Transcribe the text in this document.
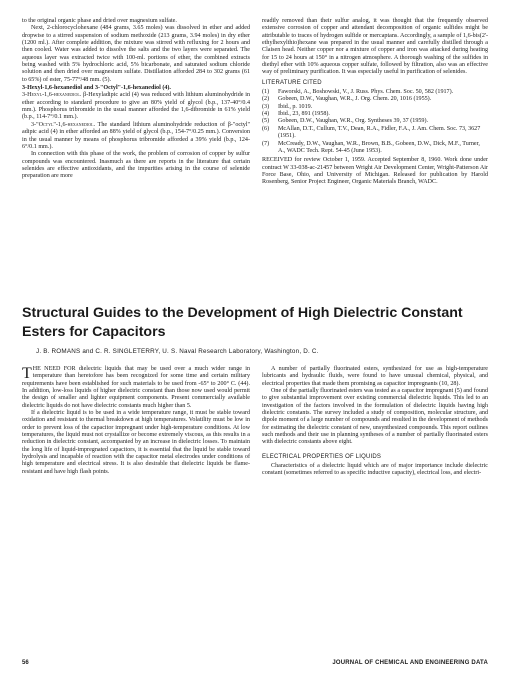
to the original organic phase and dried over magnesium sulfate.

Next, 2-chlorocyclohexane (484 grams, 3.65 moles) was dissolved in ether and added dropwise to a stirred suspension of sodium methoxide (213 grams, 3.94 moles) in dry ether (1200 ml.). After complete addition, the mixture was stirred with refluxing for 2 hours and then cooled. Water was added to dissolve the salts and the two layers were separated. The aqueous layer was extracted twice with 100-ml. portions of ether, the combined extracts being washed with 5% hydrochloric acid, 5% bicarbonate, and saturated sodium chloride solution and then dried over magnesium sulfate. Distillation afforded 284 to 302 grams (61 to 65%) of ester, 75-77°/48 mm. (5).

3-Hexyl-1,6-hexanediol and 3-"Octyl"-1,6-hexanediol (4).

3-Hexyl-1,6-hexanediol. β-Hexyladipic acid (4) was reduced with lithium aluminohydride in ether according to standard procedure to give an 80% yield of glycol (b.p., 137-40°/0.4 mm.). Phosphorus tribromide in the usual manner afforded the 1,6-dibromide in 61% yield (b.p., 114-7°/0.1 mm.).

3-"Octyl"-1,6-hexanediol. The standard lithium aluminohydride reduction of β-"octyl" adipic acid (4) in ether afforded an 88% yield of glycol (b.p., 154-7°/0.25 mm.). Conversion in the usual manner by means of phosphorus tribromide afforded a 39% yield (b.p., 124-6°/0.1 mm.).

In connection with this phase of the work, the problem of corrosion of copper by sulfur compounds was encountered. Inasmuch as there are reports in the literature that certain selenides are effective antioxidants, and the impurities arising in the course of selenide preparation are more

readily removed than their sulfur analog, it was thought that the frequently observed extensive corrosion of copper and attendant decomposition of organic sulfides might be attributable to traces of hydrogen sulfide or mercaptans. Accordingly, a sample of 1,6-bis(2'-ethylhexylthio)hexane was prepared in the usual manner and carefully distilled through a Claisen head. Neither copper nor a mixture of copper and iron was attacked during heating for 15 to 24 hours at 150° in a nitrogen atmosphere. A thorough washing of the sulfides in diethyl ether with 10% aqueous copper sulfate, followed by filtration, also was an effective way of preliminary purification. It was especially useful in purification of selenides.

LITERATURE CITED

(1) Faworski, A., Boshowski, V., J. Russ. Phys. Chem. Soc. 50, 582 (1917).
(2) Gobeen, D.W., Vaughan, W.R., J. Org. Chem. 20, 1016 (1955).
(3) Ibid., p. 1019.
(4) Ibid., 23, 891 (1958).
(5) Gobeen, D.W., Vaughan, W.R., Org. Syntheses 39, 37 (1959).
(6) McAllan, D.T., Cullum, T.V., Dean, R.A., Fidler, F.A., J. Am. Chem. Soc. 73, 3627 (1951).
(7) McCready, D.W., Vaughan, W.R., Brown, B.B., Gobeen, D.W., Dick, M.F., Turner, A., WADC Tech. Rept. 54-45 (June 1953).

RECEIVED for review October 1, 1959. Accepted September 8, 1960. Work done under contract W 33-038-ac-21457 between Wright Air Development Center, Wright-Patterson Air Force Base, Ohio, and University of Michigan. Released for publication by Harold Rosenberg, Senior Project Engineer, Organic Materials Branch, WADC.

Structural Guides to the Development of High Dielectric Constant Esters for Capacitors

J. B. ROMANS and C. R. SINGLETERRY, U. S. Naval Research Laboratory, Washington, D. C.

THE NEED FOR dielectric liquids that may be used over a much wider range in temperature than heretofore has been recognized for some time and certain military requirements have been established for such materials to be used from -65° to 200° C. (44). In addition, low-loss liquids of higher dielectric constant than those now used would permit the design of smaller and lighter equipment components. Present commercially available dielectric liquids do not have dielectric constants much higher than 5.

If a dielectric liquid is to be used in a wide temperature range, it must be stable toward oxidation and resistant to thermal breakdown at high temperatures. Volatility must be low in order to prevent loss of the capacitor impregnant under high-temperature conditions. At low temperatures, the liquid must not crystallize or become extremely viscous, as this results in a reduction in dielectric constant, accompanied by an increase in dielectric losses. To maintain the long life of liquid-impregnated capacitors, it is essential that the liquid be stable toward hydrolysis and incapable of reaction with the capacitor metal electrodes under conditions of high temperature and electrical stress. It is also desirable that dielectric liquids be flame-resistant and have high flash points.

A number of partially fluorinated esters, synthesized for use as high-temperature lubricants and hydraulic fluids, were found to have unusual chemical, physical, and electrical properties that made them promising as capacitor impregnants (10, 28).

One of the partially fluorinated esters was tested as a capacitor impregnant (5) and found to give substantial improvement over existing commercial dielectric liquids. This led to an investigation of the factors involved in the formulation of dielectric liquids having high dielectric constants. The survey included a study of composition, molecular structure, and dipole moment of a large number of compounds and resulted in the development of methods for estimating the dielectric constant of new, unsynthesized compounds. This report outlines such methods and their use in planning syntheses of a number of partially fluorinated esters with dielectric constants above eight.

ELECTRICAL PROPERTIES OF LIQUIDS

Characteristics of a dielectric liquid which are of major importance include dielectric constant (sometimes referred to as specific inductive capacity), electrical loss, and electri-

56	JOURNAL OF CHEMICAL AND ENGINEERING DATA
